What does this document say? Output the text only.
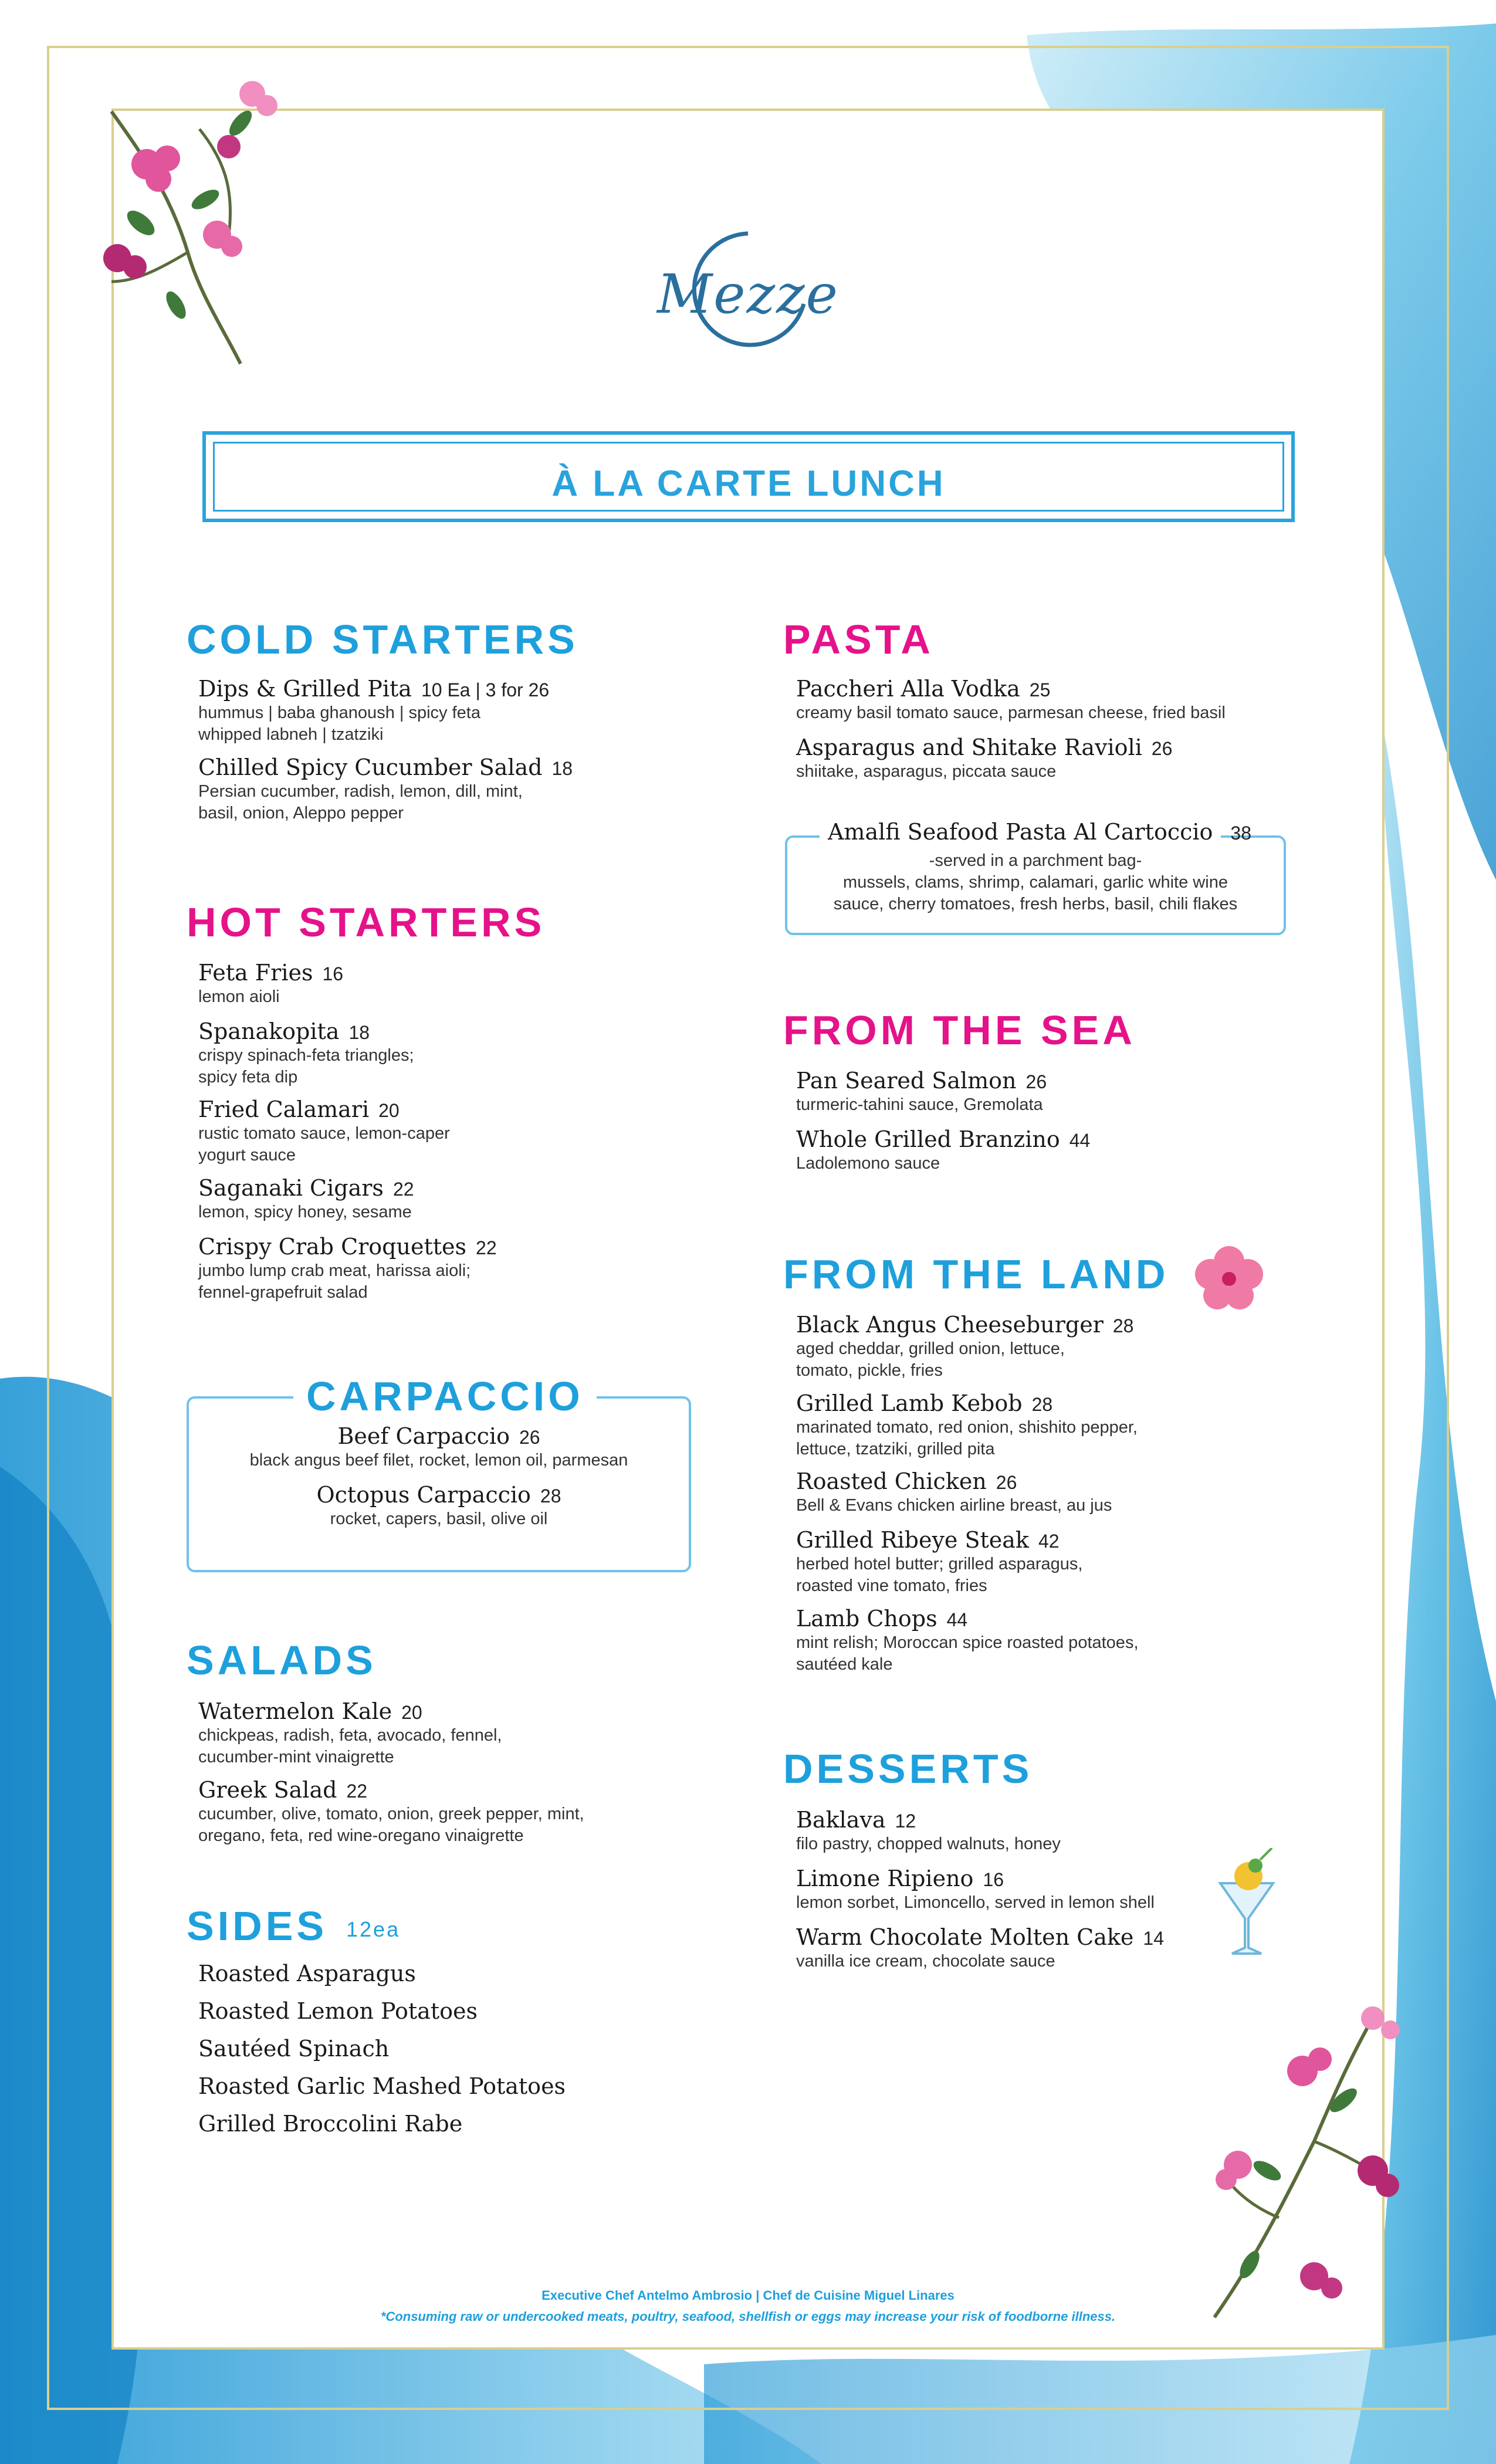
Mezze
À LA CARTE LUNCH
COLD STARTERS
Dips & Grilled Pita 10 Ea | 3 for 26
hummus | baba ghanoush | spicy feta
whipped labneh | tzatziki
Chilled Spicy Cucumber Salad 18
Persian cucumber, radish, lemon, dill, mint,
basil, onion, Aleppo pepper
HOT STARTERS
Feta Fries 16
lemon aioli
Spanakopita 18
crispy spinach-feta triangles;
spicy feta dip
Fried Calamari 20
rustic tomato sauce, lemon-caper
yogurt sauce
Saganaki Cigars 22
lemon, spicy honey, sesame
Crispy Crab Croquettes 22
jumbo lump crab meat, harissa aioli;
fennel-grapefruit salad
CARPACCIO
Beef Carpaccio 26
black angus beef filet, rocket, lemon oil, parmesan
Octopus Carpaccio 28
rocket, capers, basil, olive oil
SALADS
Watermelon Kale 20
chickpeas, radish, feta, avocado, fennel,
cucumber-mint vinaigrette
Greek Salad 22
cucumber, olive, tomato, onion, greek pepper, mint,
oregano, feta, red wine-oregano vinaigrette
SIDES 12ea
Roasted Asparagus
Roasted Lemon Potatoes
Sautéed Spinach
Roasted Garlic Mashed Potatoes
Grilled Broccolini Rabe
PASTA
Paccheri Alla Vodka 25
creamy basil tomato sauce, parmesan cheese, fried basil
Asparagus and Shitake Ravioli 26
shiitake, asparagus, piccata sauce
Amalfi Seafood Pasta Al Cartoccio 38
-served in a parchment bag-
mussels, clams, shrimp, calamari, garlic white wine
sauce, cherry tomatoes, fresh herbs, basil, chili flakes
FROM THE SEA
Pan Seared Salmon 26
turmeric-tahini sauce, Gremolata
Whole Grilled Branzino 44
Ladolemono sauce
FROM THE LAND
Black Angus Cheeseburger 28
aged cheddar, grilled onion, lettuce,
tomato, pickle, fries
Grilled Lamb Kebob 28
marinated tomato, red onion, shishito pepper,
lettuce, tzatziki, grilled pita
Roasted Chicken 26
Bell & Evans chicken airline breast, au jus
Grilled Ribeye Steak 42
herbed hotel butter; grilled asparagus,
roasted vine tomato, fries
Lamb Chops 44
mint relish; Moroccan spice roasted potatoes,
sautéed kale
DESSERTS
Baklava 12
filo pastry, chopped walnuts, honey
Limone Ripieno 16
lemon sorbet, Limoncello, served in lemon shell
Warm Chocolate Molten Cake 14
vanilla ice cream, chocolate sauce
Executive Chef Antelmo Ambrosio | Chef de Cuisine Miguel Linares
*Consuming raw or undercooked meats, poultry, seafood, shellfish or eggs may increase your risk of foodborne illness.
